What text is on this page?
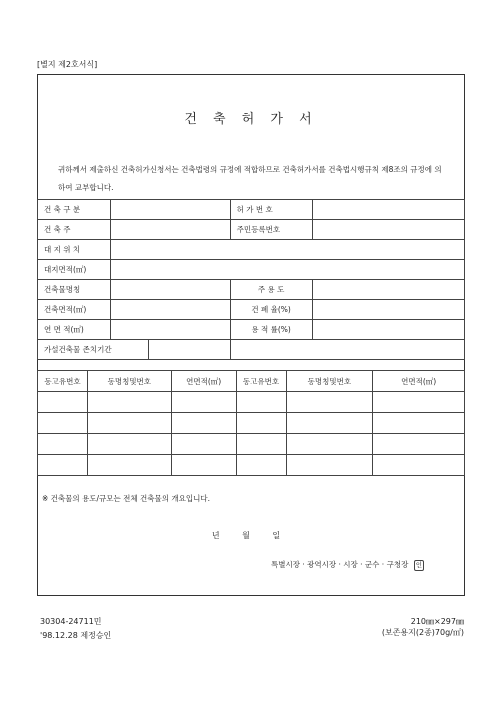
[별지 제2호서식]
건 축 허 가 서
귀하께서 제출하신 건축허가신청서는 건축법령의 규정에 적합하므로 건축허가서를 건축법시행규칙 제8조의 규정에 의하여 교부합니다.
건 축 구 분		허 가 번 호	
건 축 주		주민등록번호	
대 지 위 치			
대지면적(㎡)			
건축물명칭		주 용 도	
건축면적(㎡)		건 폐 율(%)	
연 면 적(㎡)		용 적 률(%)	

가설건축물 존치기간			

동고유번호	동명칭및번호	연면적(㎡)	동고유번호	동명칭및번호	연면적(㎡)

※ 건축물의 용도/규모는 전체 건축물의 개요입니다.
년 월 일
특별시장 · 광역시장 · 시장 · 군수 · 구청장 인
30304-24711민
'98.12.28 제정승인
210㎜×297㎜
(보존용지(2종)70g/㎡)
